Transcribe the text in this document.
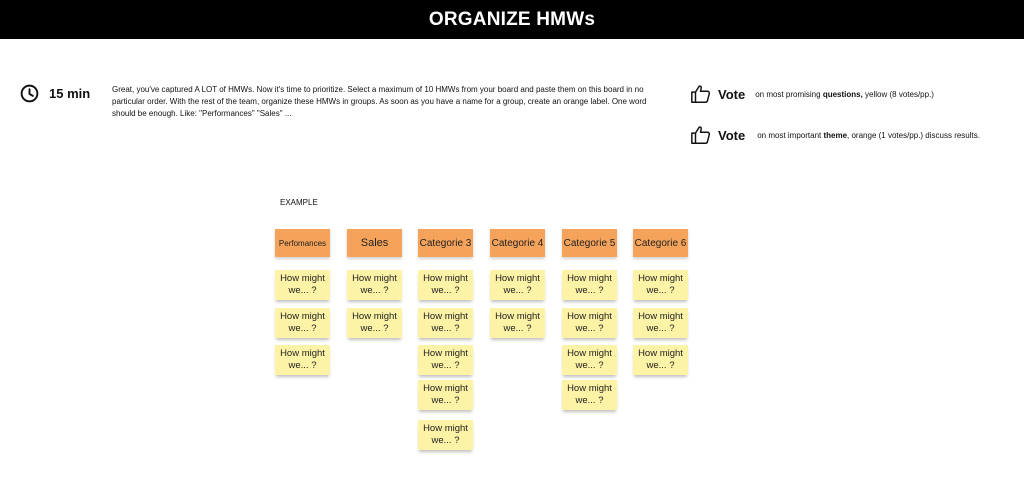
ORGANIZE HMWs
15 min	Great, you've captured A LOT of HMWs. Now it's time to prioritize. Select a maximum of 10 HMWs from your board and paste them on this board in no particular order. With the rest of the team, organize these HMWs in groups. As soon as you have a name for a group, create an orange label. One word should be enough. Like: "Performances" "Sales" ...
Vote on most promising questions, yellow (8 votes/pp.)
Vote on most important theme, orange (1 votes/pp.) discuss results.
EXAMPLE
Perfomances
How might we... ?
How might we... ?
How might we... ?
Sales
How might we... ?
How might we... ?
Categorie 3
How might we... ?
How might we... ?
How might we... ?
How might we... ?
How might we... ?
Categorie 4
How might we... ?
How might we... ?
Categorie 5
How might we... ?
How might we... ?
How might we... ?
How might we... ?
Categorie 6
How might we... ?
How might we... ?
How might we... ?
